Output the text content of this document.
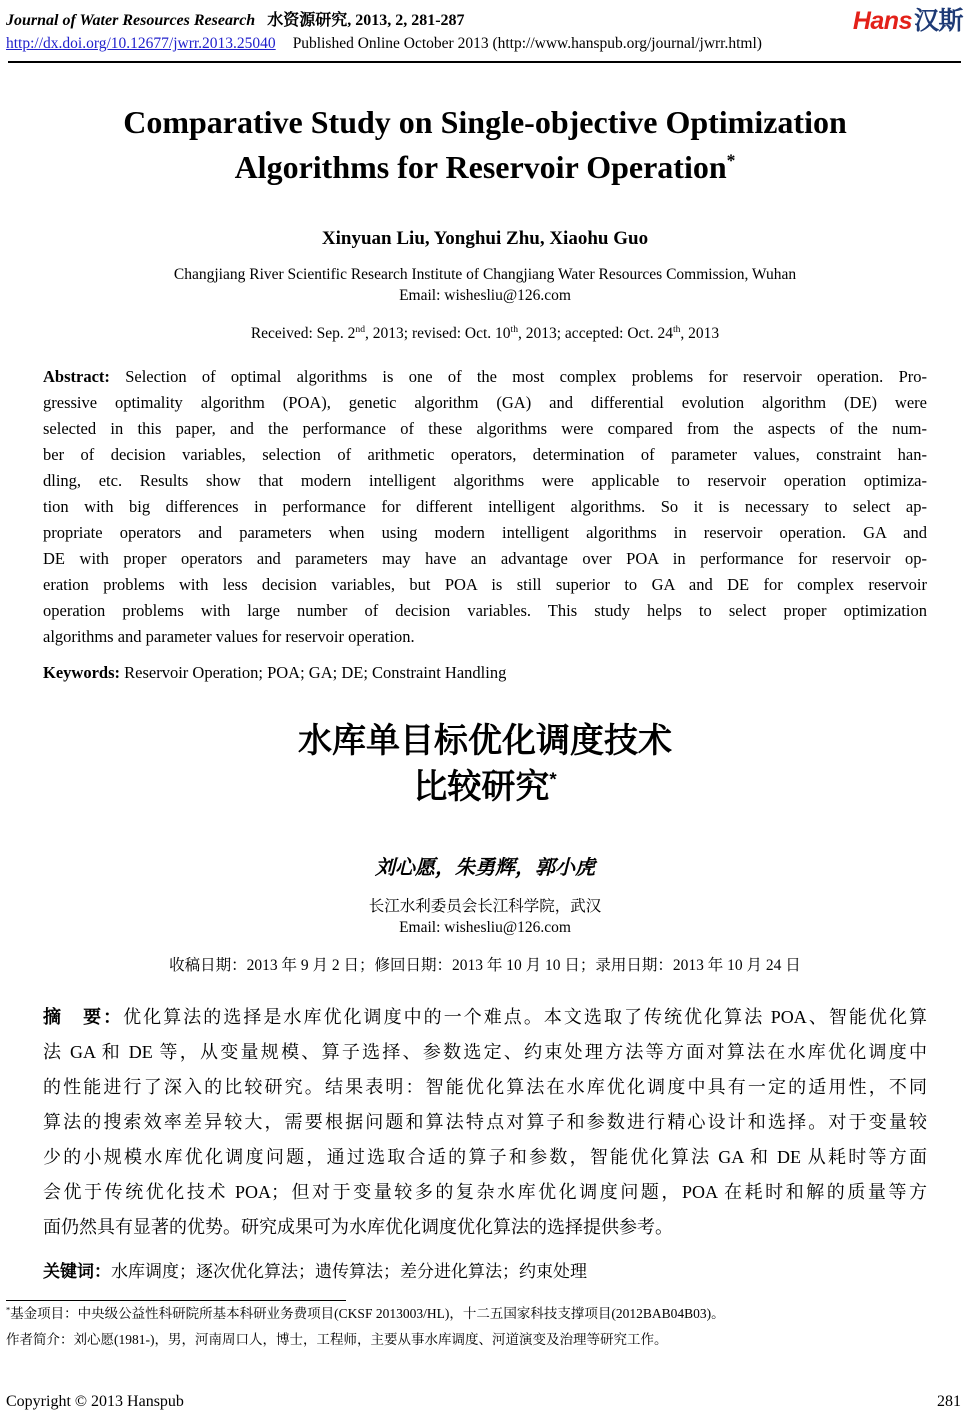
Journal of Water Resources Research 水资源研究, 2013, 2, 281-287	Hans汉斯
http://dx.doi.org/10.12677/jwrr.2013.25040 Published Online October 2013 (http://www.hanspub.org/journal/jwrr.html)
Comparative Study on Single-objective Optimization
Algorithms for Reservoir Operation*
Xinyuan Liu, Yonghui Zhu, Xiaohu Guo
Changjiang River Scientific Research Institute of Changjiang Water Resources Commission, Wuhan
Email: wishesliu@126.com
Received: Sep. 2nd, 2013; revised: Oct. 10th, 2013; accepted: Oct. 24th, 2013
Abstract: Selection of optimal algorithms is one of the most complex problems for reservoir operation. Pro-
gressive optimality algorithm (POA), genetic algorithm (GA) and differential evolution algorithm (DE) were
selected in this paper, and the performance of these algorithms were compared from the aspects of the num-
ber of decision variables, selection of arithmetic operators, determination of parameter values, constraint han-
dling, etc. Results show that modern intelligent algorithms were applicable to reservoir operation optimiza-
tion with big differences in performance for different intelligent algorithms. So it is necessary to select ap-
propriate operators and parameters when using modern intelligent algorithms in reservoir operation. GA and
DE with proper operators and parameters may have an advantage over POA in performance for reservoir op-
eration problems with less decision variables, but POA is still superior to GA and DE for complex reservoir
operation problems with large number of decision variables. This study helps to select proper optimization
algorithms and parameter values for reservoir operation.
Keywords: Reservoir Operation; POA; GA; DE; Constraint Handling
水库单目标优化调度技术
比较研究*
刘心愿，朱勇辉，郭小虎
长江水利委员会长江科学院，武汉
Email: wishesliu@126.com
收稿日期：2013 年 9 月 2 日；修回日期：2013 年 10 月 10 日；录用日期：2013 年 10 月 24 日
摘　要：优化算法的选择是水库优化调度中的一个难点。本文选取了传统优化算法 POA、智能优化算
法 GA 和 DE 等，从变量规模、算子选择、参数选定、约束处理方法等方面对算法在水库优化调度中
的性能进行了深入的比较研究。结果表明：智能优化算法在水库优化调度中具有一定的适用性，不同
算法的搜索效率差异较大，需要根据问题和算法特点对算子和参数进行精心设计和选择。对于变量较
少的小规模水库优化调度问题，通过选取合适的算子和参数，智能优化算法 GA 和 DE 从耗时等方面
会优于传统优化技术 POA；但对于变量较多的复杂水库优化调度问题，POA 在耗时和解的质量等方
面仍然具有显著的优势。研究成果可为水库优化调度优化算法的选择提供参考。
关键词：水库调度；逐次优化算法；遗传算法；差分进化算法；约束处理
*基金项目：中央级公益性科研院所基本科研业务费项目(CKSF 2013003/HL)，十二五国家科技支撑项目(2012BAB04B03)。
作者简介：刘心愿(1981-)，男，河南周口人，博士，工程师，主要从事水库调度、河道演变及治理等研究工作。
Copyright © 2013 Hanspub	281
